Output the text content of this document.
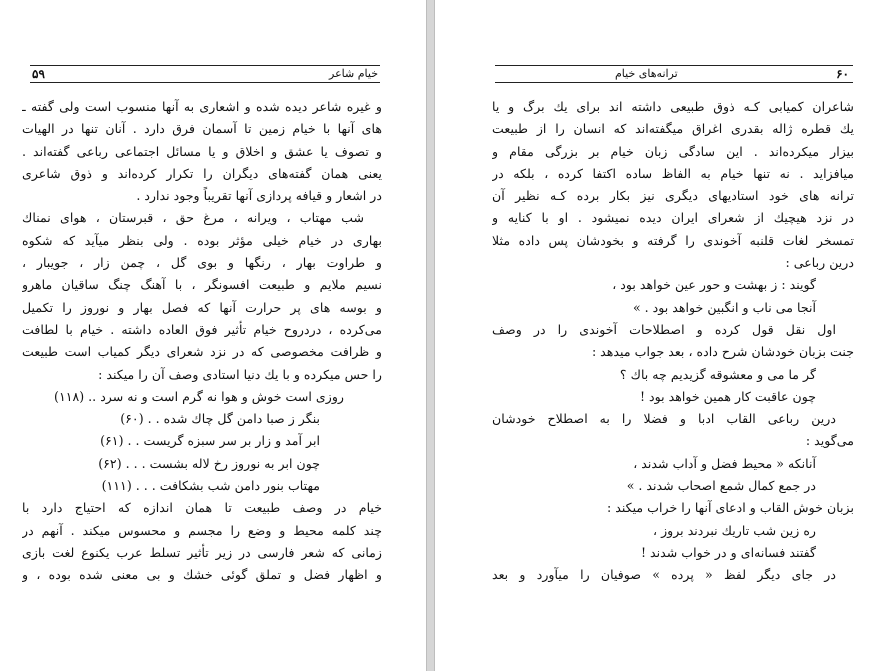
۵۹	خیام شاعر
و غیره شاعر دیده شده و اشعاری به آنها منسوب است ولی گفته ـ
های آنها با خیام زمین تا آسمان فرق دارد . آنان تنها در الهیات
و تصوف یا عشق و اخلاق و یا مسائل اجتماعی رباعی گفته‌اند .
یعنی همان گفته‌های دیگران را تکرار کرده‌اند و ذوق شاعری
در اشعار و قیافه پردازی آنها تقریباً وجود ندارد .
شب مهتاب ، ویرانه ، مرغ حق ، قبرستان ، هوای نمناك
بهاری در خیام خیلی مؤثر بوده . ولی بنظر میآید که شکوه
و طراوت بهار ، رنگها و بوی گل ، چمن زار ، جویبار ،
نسیم ملایم و طبیعت افسونگر ، با آهنگ چنگ ساقیان ماهرو
و بوسه های پر حرارت آنها که فصل بهار و نوروز را تکمیل
می‌کرده ، دردروح خیام تأثیر فوق العاده داشته . خیام با لطافت
و ظرافت مخصوصی که در نزد شعرای دیگر کمیاب است طبیعت
را حس میکرده و با یك دنیا استادی وصف آن را میکند :
روزی است خوش و هوا نه گرم است و نه سرد .. (۱۱۸)
بنگر ز صبا دامن گل چاك شده . . (۶۰)
ابر آمد و زار بر سر سبزه گریست . . (۶۱)
چون ابر به نوروز رخ لاله بشست . . . (۶۲)
مهتاب بنور دامن شب بشکافت . . . (۱۱۱)
خیام در وصف طبیعت تا همان اندازه که احتیاج دارد با
چند کلمه محیط و وضع را مجسم و محسوس میکند . آنهم در
زمانی که شعر فارسی در زیر تأثیر تسلط عرب یکنوع لغت بازی
و اظهار فضل و تملق گوئی خشك و بی معنی شده بوده ، و
۶۰
ترانه‌های خیام
شاعران کمیابی کـه ذوق طبیعی داشته اند برای یك برگ و یا
یك قطره ژاله بقدری اغراق میگفته‌اند که انسان را از طبیعت
بیزار میکرده‌اند . این سادگی زبان خیام بر بزرگی مقام و
میافزاید . نه تنها خیام به الفاظ ساده اکتفا کرده ، بلکه در
ترانه های خود استادیهای دیگری نیز بکار برده کـه نظیر آن
در نزد هیچیك از شعرای ایران دیده نمیشود . او با کنایه و
تمسخر لغات قلنبه آخوندی را گرفته و بخودشان پس داده مثلا
درین رباعی :
گویند : ز بهشت و حور عین خواهد بود ،
آنجا می ناب و انگبین خواهد بود . »
اول نقل قول کرده و اصطلاحات آخوندی را در وصف
جنت بزبان خودشان شرح داده ، بعد جواب میدهد :
گر ما می و معشوقه گزیدیم چه باك ؟
چون عاقبت کار همین خواهد بود !
درین رباعی القاب ادبا و فضلا را به اصطلاح خودشان
می‌گوید :
آنانکه « محیط فضل و آداب شدند ،
در جمع کمال شمع اصحاب شدند . »
بزبان خوش القاب و ادعای آنها را خراب میکند :
ره زین شب تاریك نبردند بروز ،
گفتند فسانه‌ای و در خواب شدند !
در جای دیگر لفظ « پرده » صوفیان را میآورد و بعد
